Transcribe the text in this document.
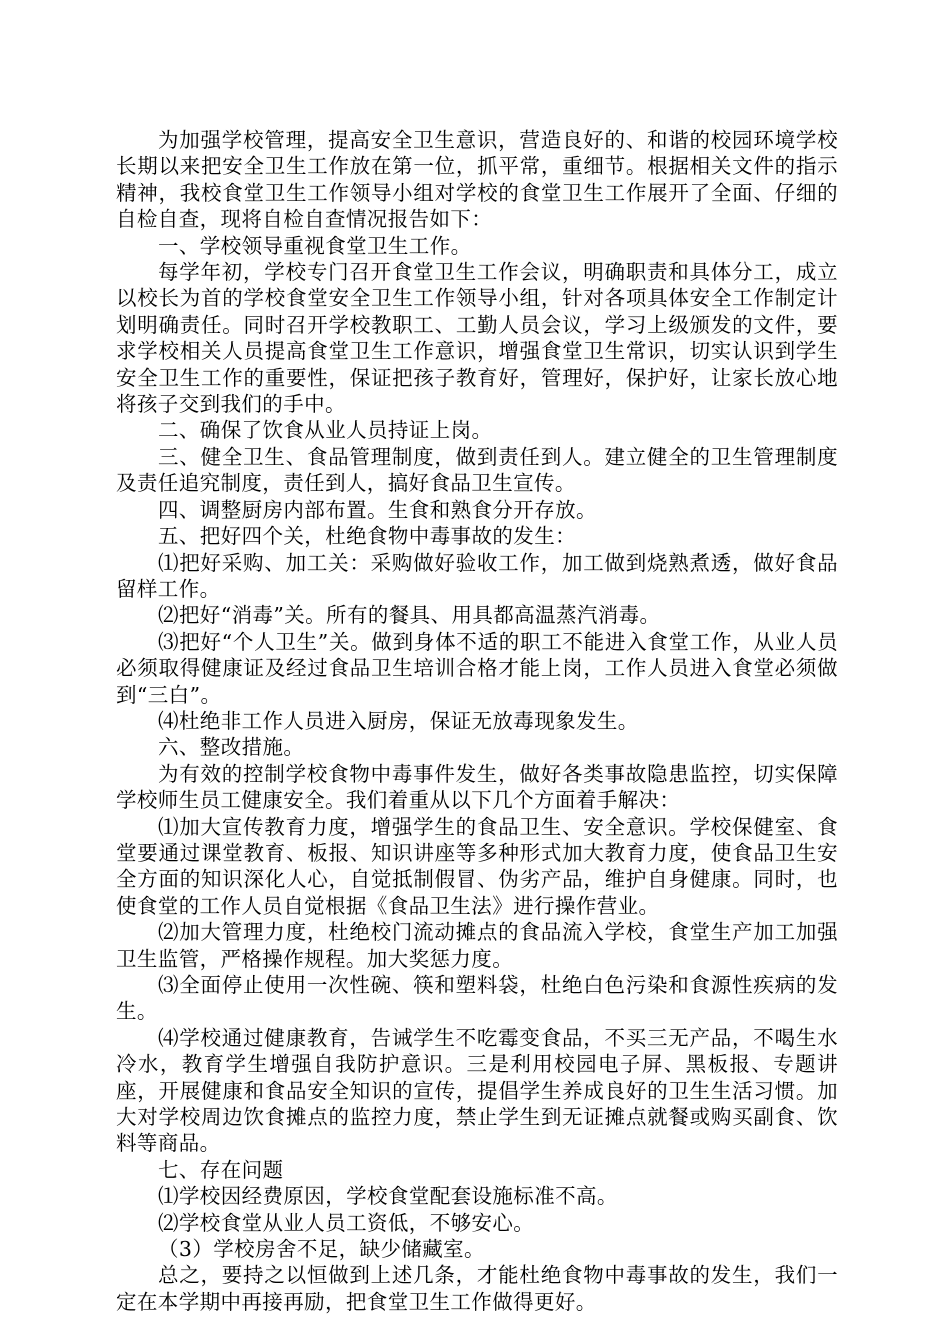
为加强学校管理，提高安全卫生意识，营造良好的、和谐的校园环境学校长期以来把安全卫生工作放在第一位，抓平常，重细节。根据相关文件的指示精神，我校食堂卫生工作领导小组对学校的食堂卫生工作展开了全面、仔细的自检自查，现将自检自查情况报告如下：

一、学校领导重视食堂卫生工作。

每学年初，学校专门召开食堂卫生工作会议，明确职责和具体分工，成立以校长为首的学校食堂安全卫生工作领导小组，针对各项具体安全工作制定计划明确责任。同时召开学校教职工、工勤人员会议，学习上级颁发的文件，要求学校相关人员提高食堂卫生工作意识，增强食堂卫生常识，切实认识到学生安全卫生工作的重要性，保证把孩子教育好，管理好，保护好，让家长放心地将孩子交到我们的手中。

二、确保了饮食从业人员持证上岗。

三、健全卫生、食品管理制度，做到责任到人。建立健全的卫生管理制度及责任追究制度，责任到人，搞好食品卫生宣传。

四、调整厨房内部布置。生食和熟食分开存放。

五、把好四个关，杜绝食物中毒事故的发生：

⑴把好采购、加工关：采购做好验收工作，加工做到烧熟煮透，做好食品留样工作。

⑵把好“消毒”关。所有的餐具、用具都高温蒸汽消毒。

⑶把好“个人卫生”关。做到身体不适的职工不能进入食堂工作，从业人员必须取得健康证及经过食品卫生培训合格才能上岗，工作人员进入食堂必须做到“三白”。

⑷杜绝非工作人员进入厨房，保证无放毒现象发生。

六、整改措施。

为有效的控制学校食物中毒事件发生，做好各类事故隐患监控，切实保障学校师生员工健康安全。我们着重从以下几个方面着手解决：

⑴加大宣传教育力度，增强学生的食品卫生、安全意识。学校保健室、食堂要通过课堂教育、板报、知识讲座等多种形式加大教育力度，使食品卫生安全方面的知识深化人心，自觉抵制假冒、伪劣产品，维护自身健康。同时，也使食堂的工作人员自觉根据《食品卫生法》进行操作营业。

⑵加大管理力度，杜绝校门流动摊点的食品流入学校，食堂生产加工加强卫生监管，严格操作规程。加大奖惩力度。

⑶全面停止使用一次性碗、筷和塑料袋，杜绝白色污染和食源性疾病的发生。

⑷学校通过健康教育，告诫学生不吃霉变食品，不买三无产品，不喝生水冷水，教育学生增强自我防护意识。三是利用校园电子屏、黑板报、专题讲座，开展健康和食品安全知识的宣传，提倡学生养成良好的卫生生活习惯。加大对学校周边饮食摊点的监控力度，禁止学生到无证摊点就餐或购买副食、饮料等商品。

七、存在问题

⑴学校因经费原因，学校食堂配套设施标准不高。

⑵学校食堂从业人员工资低，不够安心。

（3）学校房舍不足，缺少储藏室。

总之，要持之以恒做到上述几条，才能杜绝食物中毒事故的发生，我们一定在本学期中再接再励，把食堂卫生工作做得更好。
